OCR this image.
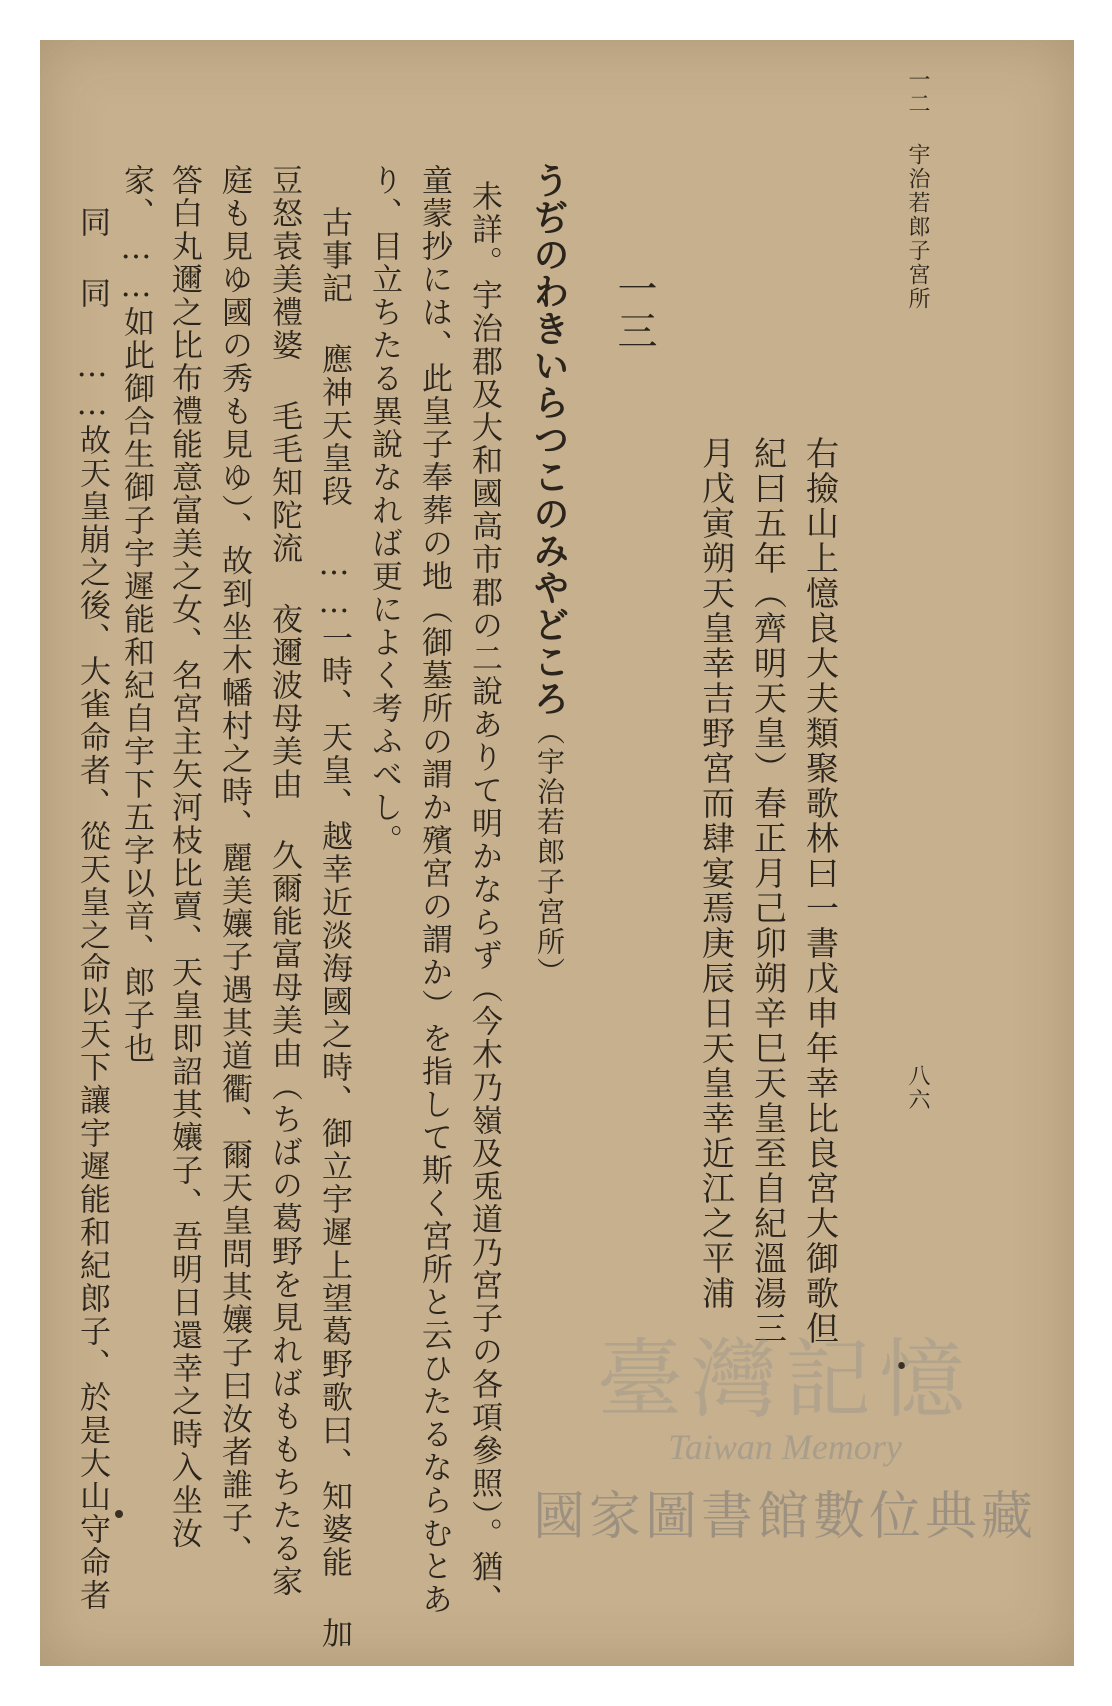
一二 宇治若郎子宮所
八六
右撿山上憶良大夫類聚歌林曰一書戊申年幸比良宮大御歌但
紀曰五年（齊明天皇）春正月己卯朔辛巳天皇至自紀溫湯三
月戊寅朔天皇幸吉野宮而肆宴焉庚辰日天皇幸近江之平浦
一三
うぢのわきいらつこのみやどころ（宇治若郎子宮所）
未詳。宇治郡及大和國高市郡の二說ありて明かならず（今木乃嶺及兎道乃宮子の各項參照）。猶、
童蒙抄には、此皇子奉葬の地（御墓所の謂か殯宮の謂か）を指して斯く宮所と云ひたるならむとあ
り、目立ちたる異說なれば更によく考ふべし。
古事記 應神天皇段 ……一時、天皇、越幸近淡海國之時、御立宇遲上望葛野歌曰、知婆能 加
豆怒袁美禮婆 毛毛知陀流 夜邇波母美由 久爾能富母美由（ちばの葛野を見ればももちたる家
庭も見ゆ國の秀も見ゆ）、故到坐木幡村之時、麗美孃子遇其道衢、爾天皇問其孃子曰汝者誰子、
答白丸邇之比布禮能意富美之女、名宮主矢河枝比賣、天皇即詔其孃子、吾明日還幸之時入坐汝
家、……如此御合生御子宇遲能和紀自宇下五字以音、郎子也
同 同 ……故天皇崩之後、大雀命者、從天皇之命以天下讓宇遲能和紀郎子、於是大山守命者	臺灣記憶
Taiwan Memory
國家圖書館數位典藏
